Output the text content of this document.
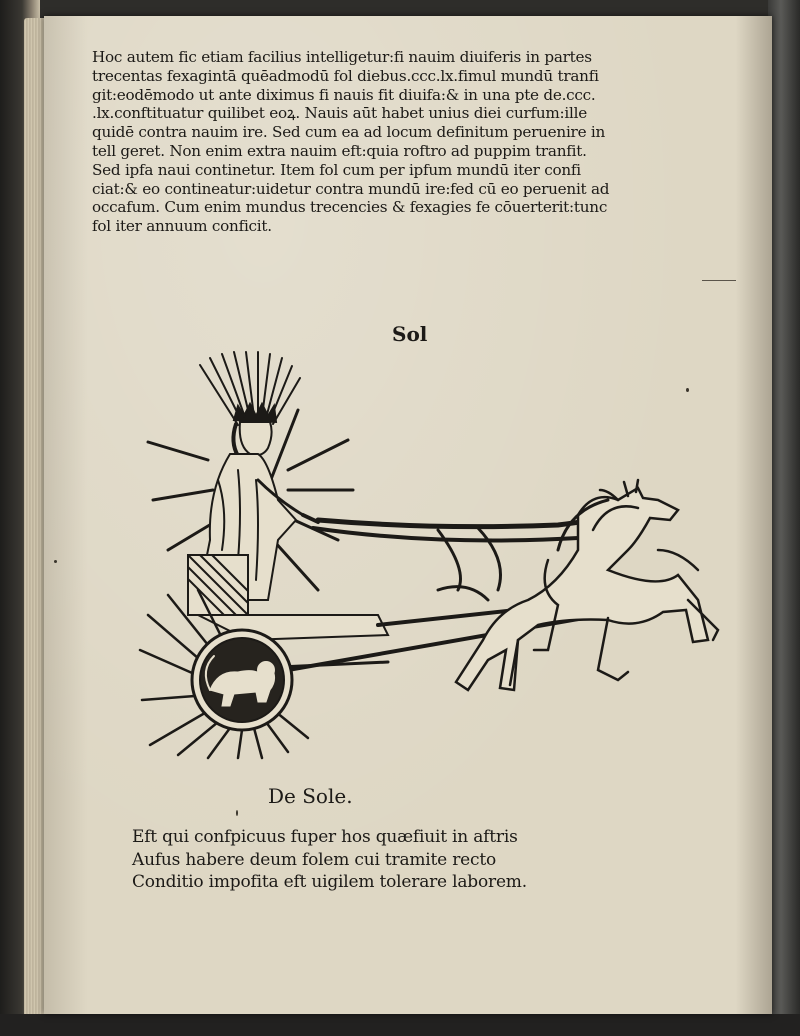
Hoc autem fic etiam facilius intelligetur:fi nauim diuiferis in partes
trecentas fexagintā quēadmodū fol diebus.ccc.lx.fimul mundū tranfi
git:eodēmodo ut ante diximus fi nauis fit diuifa:& in una pte de.ccc.
.lx.conftituatur quilibet eoꝝ. Nauis aūt habet unius diei curfum:ille
quidē contra nauim ire. Sed cum ea ad locum definitum peruenire in
tell geret. Non enim extra nauim eft:quia roftro ad puppim tranfit.
Sed ipfa naui continetur. Item fol cum per ipfum mundū iter confi
ciat:& eo contineatur:uidetur contra mundū ire:fed cū eo peruenit ad
occafum. Cum enim mundus trecencies & fexagies fe cōuerterit:tunc
fol iter annuum conficit.
Sol
De Sole.
Eft qui confpicuus fuper hos quæfiuit in aftris
Aufus habere deum folem cui tramite recto
Conditio impofita eft uigilem tolerare laborem.
